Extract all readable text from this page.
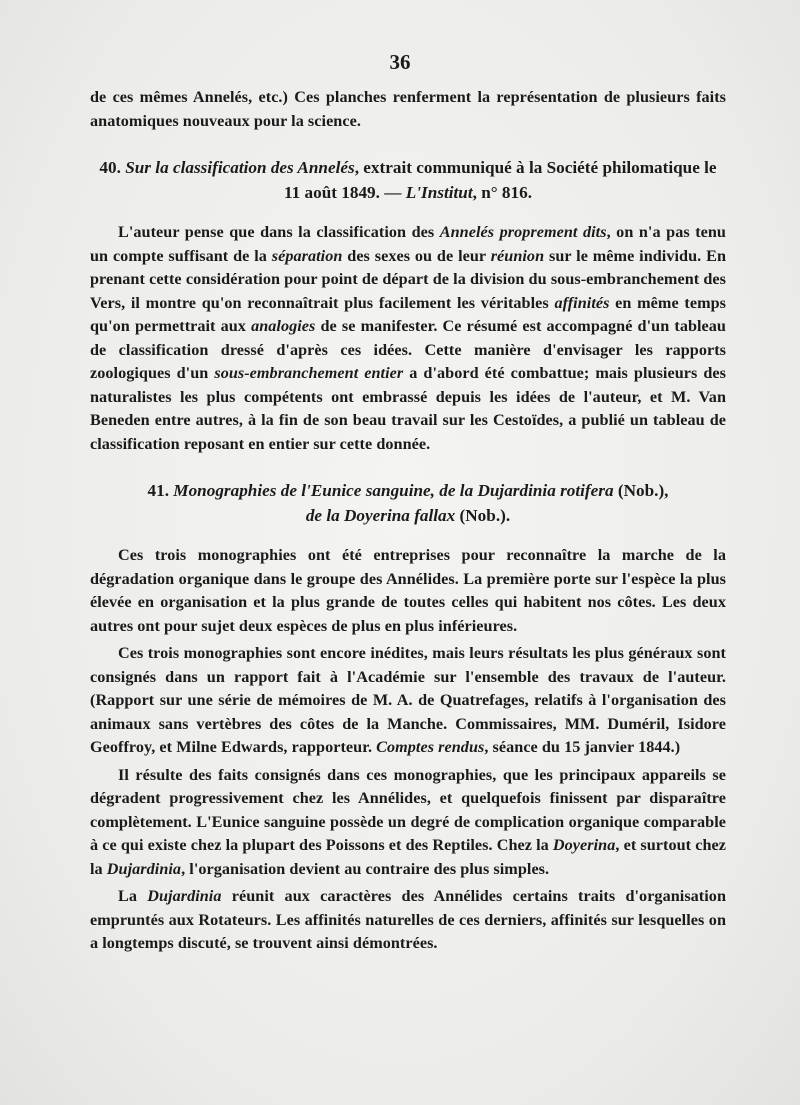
36

de ces mêmes Annelés, etc.) Ces planches renferment la représentation de plusieurs faits anatomiques nouveaux pour la science.

40. Sur la classification des Annelés, extrait communiqué à la Société philomatique le 11 août 1849. — L'Institut, n° 816.

L'auteur pense que dans la classification des Annelés proprement dits, on n'a pas tenu un compte suffisant de la séparation des sexes ou de leur réunion sur le même individu. En prenant cette considération pour point de départ de la division du sous-embranchement des Vers, il montre qu'on reconnaîtrait plus facilement les véritables affinités en même temps qu'on permettrait aux analogies de se manifester. Ce résumé est accompagné d'un tableau de classification dressé d'après ces idées. Cette manière d'envisager les rapports zoologiques d'un sous-embranchement entier a d'abord été combattue; mais plusieurs des naturalistes les plus compétents ont embrassé depuis les idées de l'auteur, et M. Van Beneden entre autres, à la fin de son beau travail sur les Cestoïdes, a publié un tableau de classification reposant en entier sur cette donnée.

41. Monographies de l'Eunice sanguine, de la Dujardinia rotifera (Nob.),
de la Doyerina fallax (Nob.).

Ces trois monographies ont été entreprises pour reconnaître la marche de la dégradation organique dans le groupe des Annélides. La première porte sur l'espèce la plus élevée en organisation et la plus grande de toutes celles qui habitent nos côtes. Les deux autres ont pour sujet deux espèces de plus en plus inférieures.

Ces trois monographies sont encore inédites, mais leurs résultats les plus généraux sont consignés dans un rapport fait à l'Académie sur l'ensemble des travaux de l'auteur. (Rapport sur une série de mémoires de M. A. de Quatrefages, relatifs à l'organisation des animaux sans vertèbres des côtes de la Manche. Commissaires, MM. Duméril, Isidore Geoffroy, et Milne Edwards, rapporteur. Comptes rendus, séance du 15 janvier 1844.)

Il résulte des faits consignés dans ces monographies, que les principaux appareils se dégradent progressivement chez les Annélides, et quelquefois finissent par disparaître complètement. L'Eunice sanguine possède un degré de complication organique comparable à ce qui existe chez la plupart des Poissons et des Reptiles. Chez la Doyerina, et surtout chez la Dujardinia, l'organisation devient au contraire des plus simples.

La Dujardinia réunit aux caractères des Annélides certains traits d'organisation empruntés aux Rotateurs. Les affinités naturelles de ces derniers, affinités sur lesquelles on a longtemps discuté, se trouvent ainsi démontrées.
